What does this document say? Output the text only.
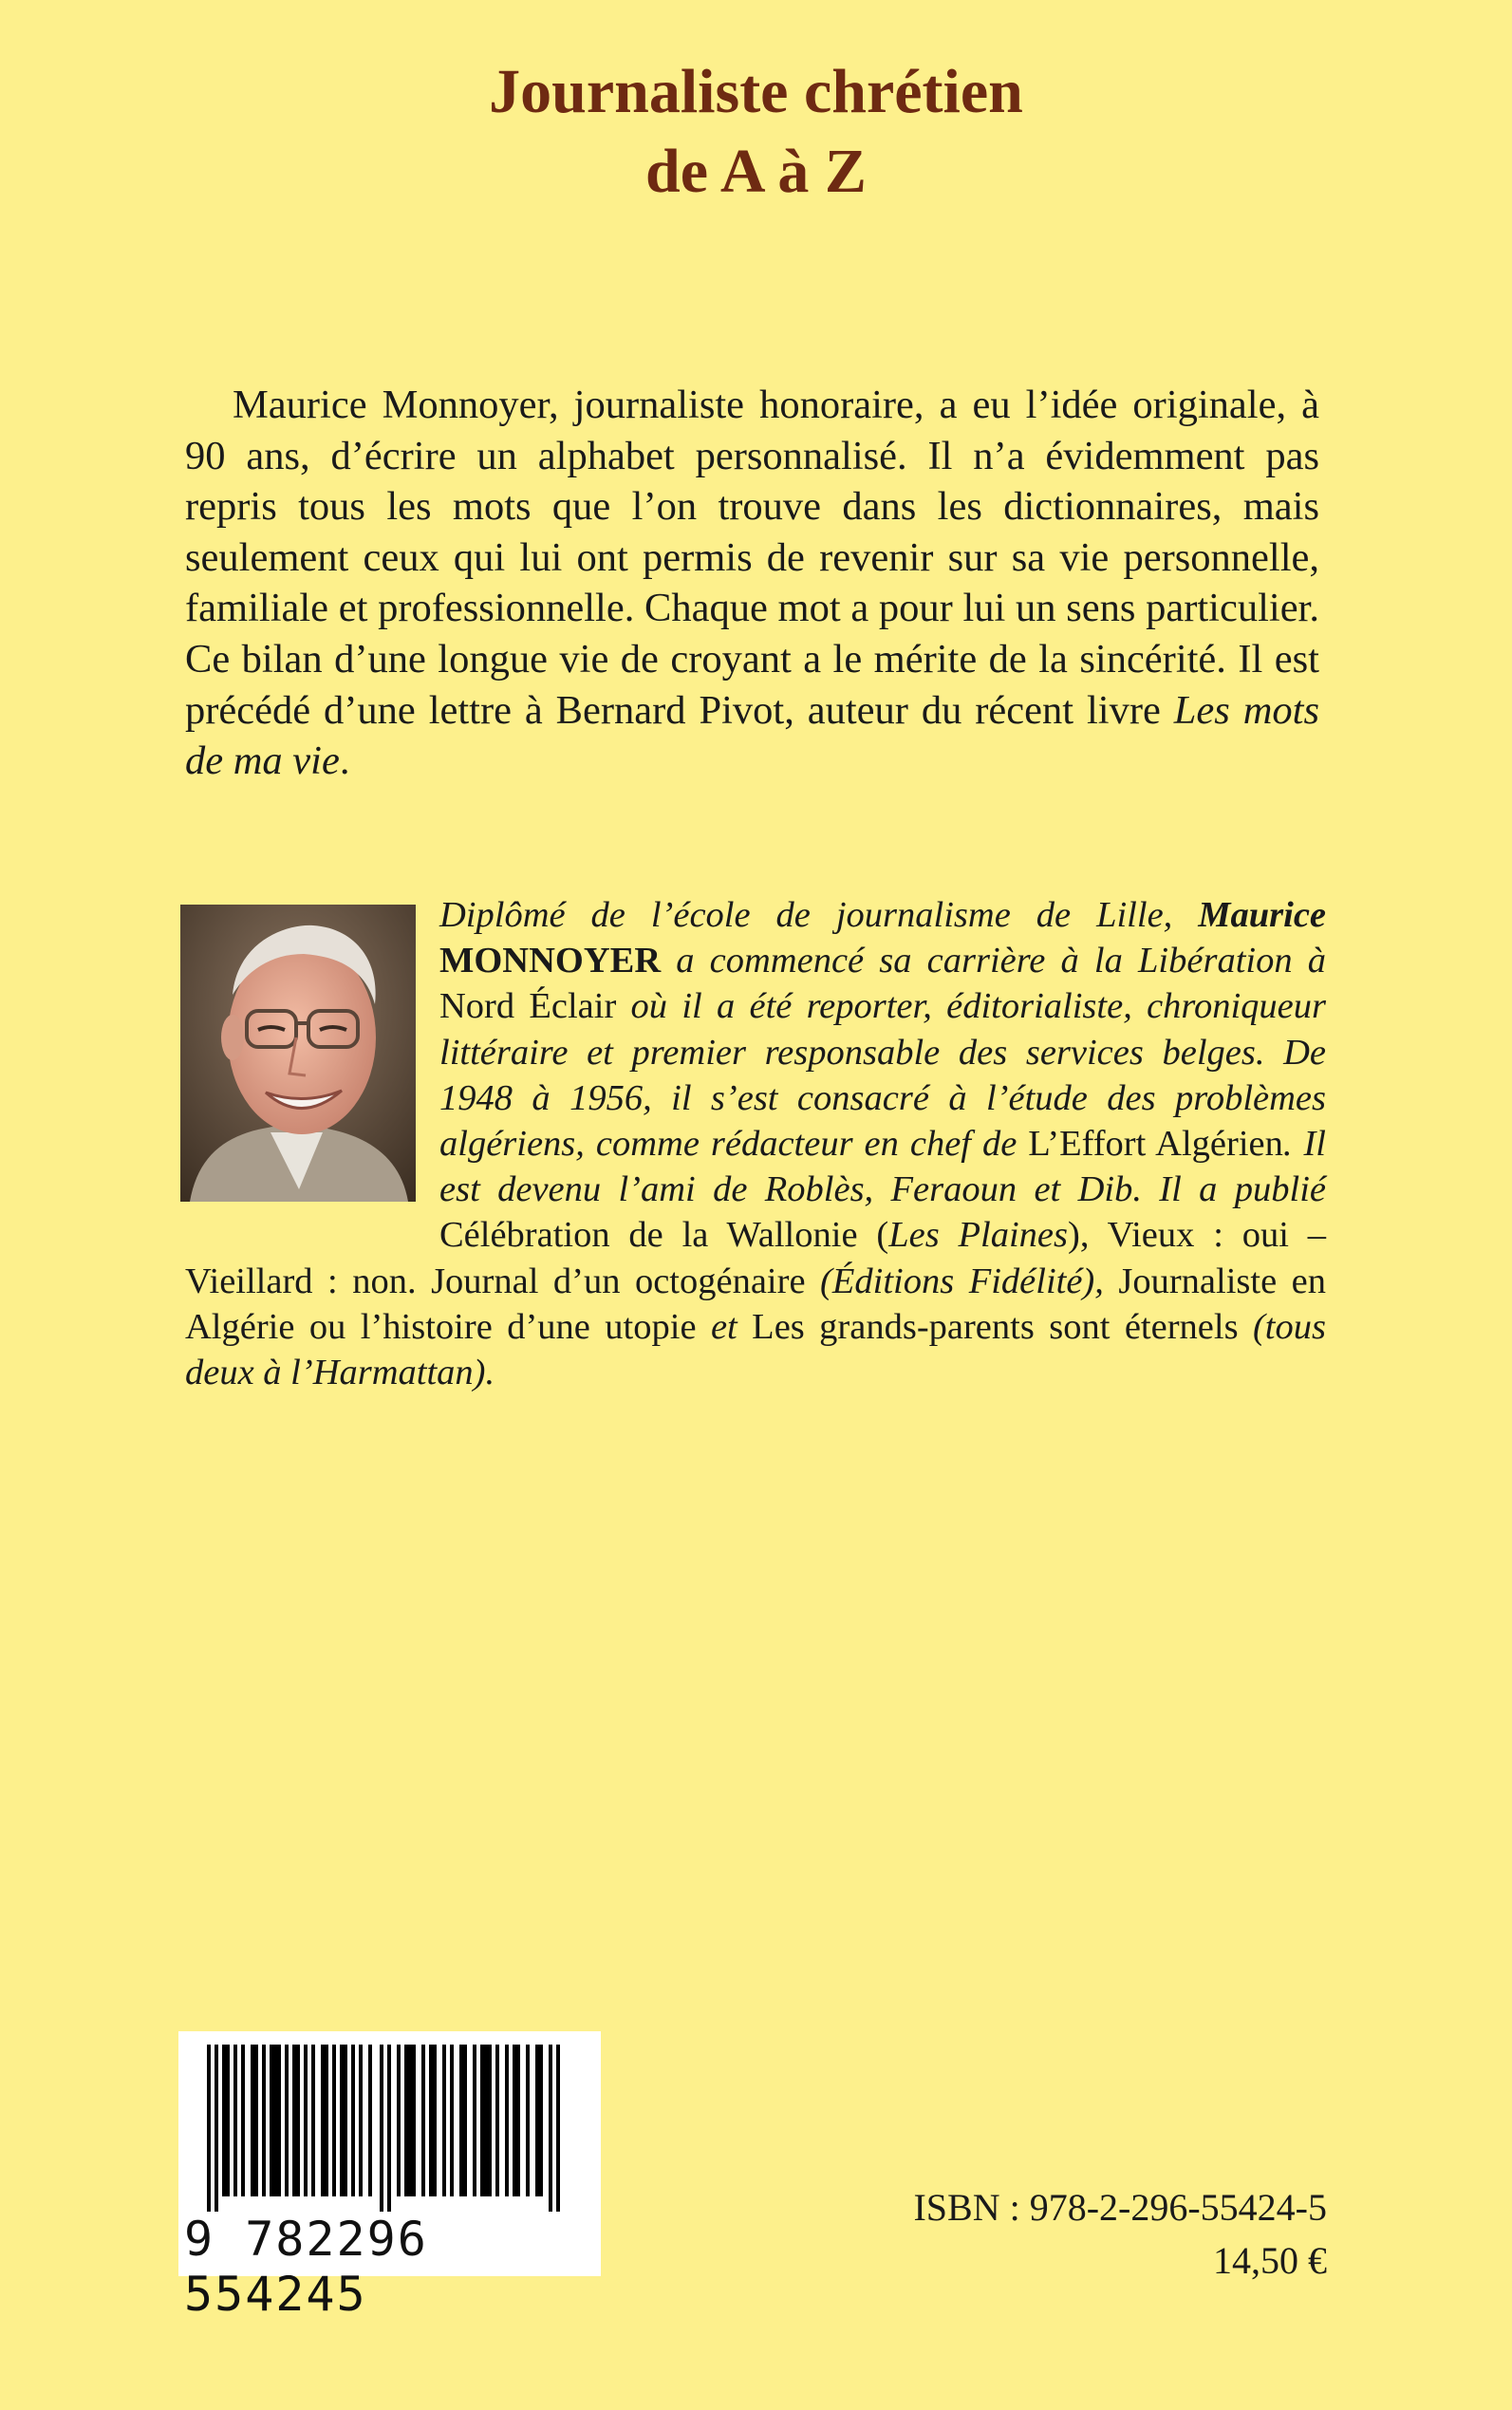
Journaliste chrétien
de A à Z

Maurice Monnoyer, journaliste honoraire, a eu l’idée originale, à 90 ans, d’écrire un alphabet personnalisé. Il n’a évidemment pas repris tous les mots que l’on trouve dans les dictionnaires, mais seulement ceux qui lui ont permis de revenir sur sa vie personnelle, familiale et professionnelle. Chaque mot a pour lui un sens particulier. Ce bilan d’une longue vie de croyant a le mérite de la sincérité. Il est précédé d’une lettre à Bernard Pivot, auteur du récent livre Les mots de ma vie.

Diplômé de l’école de journalisme de Lille, Maurice MONNOYER a commencé sa carrière à la Libération à Nord Éclair où il a été reporter, éditorialiste, chroniqueur littéraire et premier responsable des services belges. De 1948 à 1956, il s’est consacré à l’étude des problèmes algériens, comme rédacteur en chef de L’Effort Algérien. Il est devenu l’ami de Roblès, Feraoun et Dib. Il a publié Célébration de la Wallonie (Les Plaines), Vieux : oui – Vieillard : non. Journal d’un octogénaire (Éditions Fidélité), Journaliste en Algérie ou l’histoire d’une utopie et Les grands-parents sont éternels (tous deux à l’Harmattan).

9 782296 554245
ISBN : 978-2-296-55424-5
14,50 €
